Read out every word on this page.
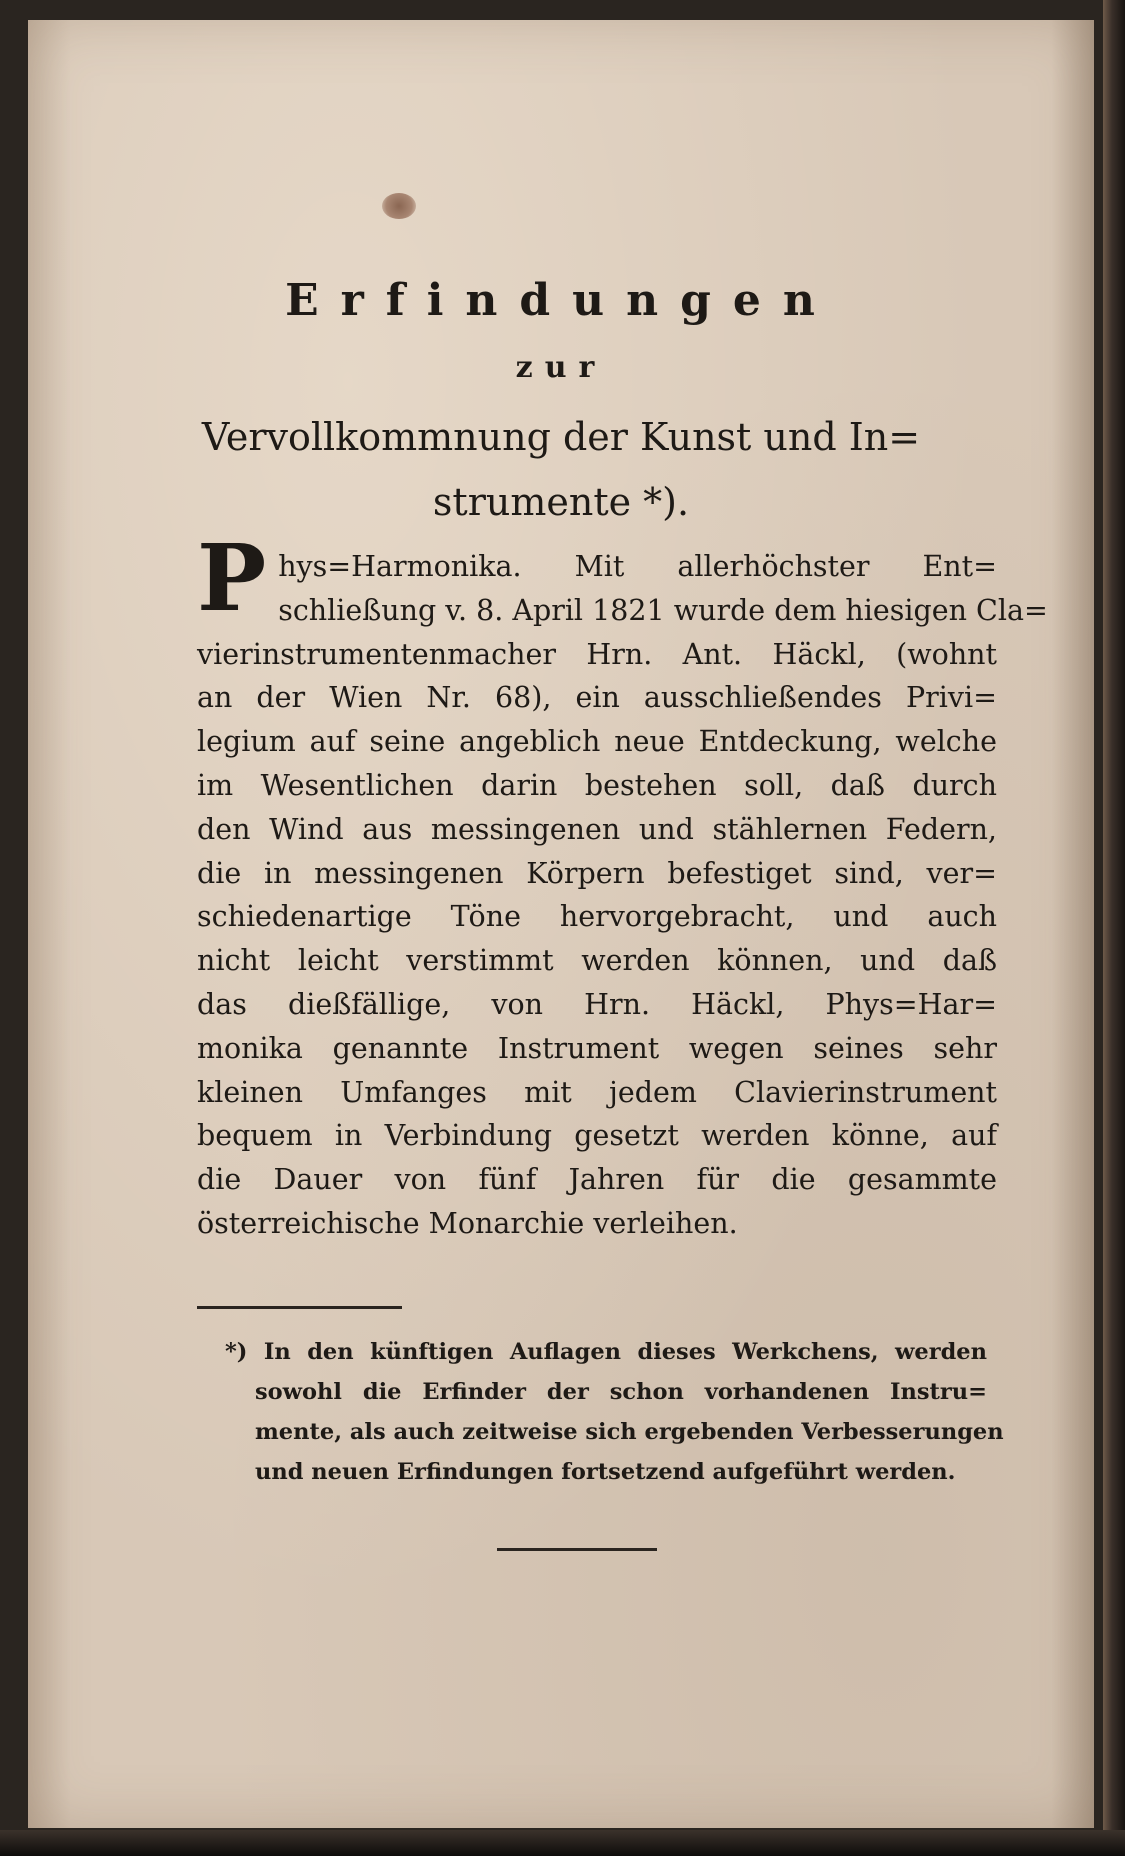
Erfindungen
zur
Vervollkommnung der Kunst und In=
strumente *).
P hys=Harmonika. Mit allerhöchster Ent=
schließung v. 8. April 1821 wurde dem hiesigen Cla=
vierinstrumentenmacher Hrn. Ant. Häckl, (wohnt
an der Wien Nr. 68), ein ausschließendes Privi=
legium auf seine angeblich neue Entdeckung, welche
im Wesentlichen darin bestehen soll, daß durch
den Wind aus messingenen und stählernen Federn,
die in messingenen Körpern befestiget sind, ver=
schiedenartige Töne hervorgebracht, und auch
nicht leicht verstimmt werden können, und daß
das dießfällige, von Hrn. Häckl, Phys=Har=
monika genannte Instrument wegen seines sehr
kleinen Umfanges mit jedem Clavierinstrument
bequem in Verbindung gesetzt werden könne, auf
die Dauer von fünf Jahren für die gesammte
österreichische Monarchie verleihen.
*) In den künftigen Auflagen dieses Werkchens, werden
sowohl die Erfinder der schon vorhandenen Instru=
mente, als auch zeitweise sich ergebenden Verbesserungen
und neuen Erfindungen fortsetzend aufgeführt werden.
